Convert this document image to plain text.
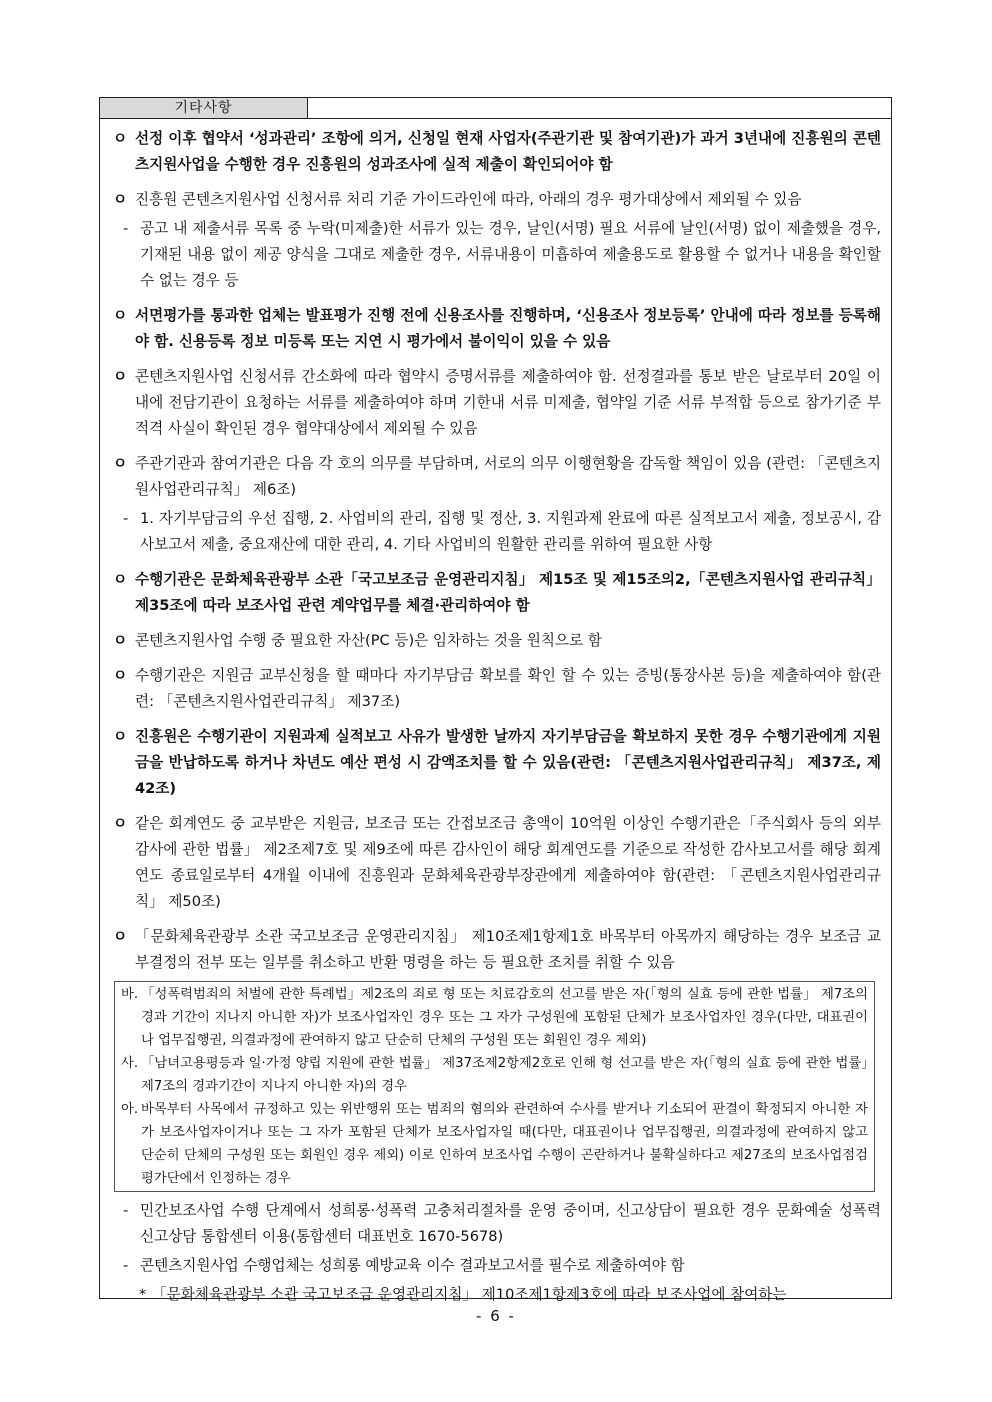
기타사항
ㅇ 선정 이후 협약서 ‘성과관리’ 조항에 의거, 신청일 현재 사업자(주관기관 및 참여기관)가 과거 3년내에 진흥원의 콘텐츠지원사업을 수행한 경우 진흥원의 성과조사에 실적 제출이 확인되어야 함
ㅇ 진흥원 콘텐츠지원사업 신청서류 처리 기준 가이드라인에 따라, 아래의 경우 평가대상에서 제외될 수 있음
- 공고 내 제출서류 목록 중 누락(미제출)한 서류가 있는 경우, 날인(서명) 필요 서류에 날인(서명) 없이 제출했을 경우, 기재된 내용 없이 제공 양식을 그대로 제출한 경우, 서류내용이 미흡하여 제출용도로 활용할 수 없거나 내용을 확인할 수 없는 경우 등
ㅇ 서면평가를 통과한 업체는 발표평가 진행 전에 신용조사를 진행하며, ‘신용조사 정보등록’ 안내에 따라 정보를 등록해야 함. 신용등록 정보 미등록 또는 지연 시 평가에서 불이익이 있을 수 있음
ㅇ 콘텐츠지원사업 신청서류 간소화에 따라 협약시 증명서류를 제출하여야 함. 선정결과를 통보 받은 날로부터 20일 이내에 전담기관이 요청하는 서류를 제출하여야 하며 기한내 서류 미제출, 협약일 기준 서류 부적합 등으로 참가기준 부적격 사실이 확인된 경우 협약대상에서 제외될 수 있음
ㅇ 주관기관과 참여기관은 다음 각 호의 의무를 부담하며, 서로의 의무 이행현황을 감독할 책임이 있음 (관련: 「콘텐츠지원사업관리규칙」 제6조)
- 1. 자기부담금의 우선 집행, 2. 사업비의 관리, 집행 및 정산, 3. 지원과제 완료에 따른 실적보고서 제출, 정보공시, 감사보고서 제출, 중요재산에 대한 관리, 4. 기타 사업비의 원활한 관리를 위하여 필요한 사항
ㅇ 수행기관은 문화체육관광부 소관「국고보조금 운영관리지침」 제15조 및 제15조의2,「콘텐츠지원사업 관리규칙」 제35조에 따라 보조사업 관련 계약업무를 체결·관리하여야 함
ㅇ 콘텐츠지원사업 수행 중 필요한 자산(PC 등)은 임차하는 것을 원칙으로 함
ㅇ 수행기관은 지원금 교부신청을 할 때마다 자기부담금 확보를 확인 할 수 있는 증빙(통장사본 등)을 제출하여야 함(관련: 「콘텐츠지원사업관리규칙」 제37조)
ㅇ 진흥원은 수행기관이 지원과제 실적보고 사유가 발생한 날까지 자기부담금을 확보하지 못한 경우 수행기관에게 지원금을 반납하도록 하거나 차년도 예산 편성 시 감액조치를 할 수 있음(관련: 「콘텐츠지원사업관리규칙」 제37조, 제42조)
ㅇ 같은 회계연도 중 교부받은 지원금, 보조금 또는 간접보조금 총액이 10억원 이상인 수행기관은「주식회사 등의 외부감사에 관한 법률」 제2조제7호 및 제9조에 따른 감사인이 해당 회계연도를 기준으로 작성한 감사보고서를 해당 회계연도 종료일로부터 4개월 이내에 진흥원과 문화체육관광부장관에게 제출하여야 함(관련: 「콘텐츠지원사업관리규칙」 제50조)
ㅇ 「문화체육관광부 소관 국고보조금 운영관리지침」 제10조제1항제1호 바목부터 아목까지 해당하는 경우 보조금 교부결정의 전부 또는 일부를 취소하고 반환 명령을 하는 등 필요한 조치를 취할 수 있음
바. 「성폭력범죄의 처벌에 관한 특례법」제2조의 죄로 형 또는 치료감호의 선고를 받은 자(「형의 실효 등에 관한 법률」 제7조의 경과 기간이 지나지 아니한 자)가 보조사업자인 경우 또는 그 자가 구성원에 포함된 단체가 보조사업자인 경우(다만, 대표권이나 업무집행권, 의결과정에 관여하지 않고 단순히 단체의 구성원 또는 회원인 경우 제외)
사. 「남녀고용평등과 일·가정 양립 지원에 관한 법률」 제37조제2항제2호로 인해 형 선고를 받은 자(「형의 실효 등에 관한 법률」제7조의 경과기간이 지나지 아니한 자)의 경우
아. 바목부터 사목에서 규정하고 있는 위반행위 또는 범죄의 혐의와 관련하여 수사를 받거나 기소되어 판결이 확정되지 아니한 자가 보조사업자이거나 또는 그 자가 포함된 단체가 보조사업자일 때(다만, 대표권이나 업무집행권, 의결과정에 관여하지 않고 단순히 단체의 구성원 또는 회원인 경우 제외) 이로 인하여 보조사업 수행이 곤란하거나 불확실하다고 제27조의 보조사업점검평가단에서 인정하는 경우
- 민간보조사업 수행 단계에서 성희롱·성폭력 고충처리절차를 운영 중이며, 신고상담이 필요한 경우 문화예술 성폭력 신고상담 통합센터 이용(통합센터 대표번호 1670-5678)
- 콘텐츠지원사업 수행업체는 성희롱 예방교육 이수 결과보고서를 필수로 제출하여야 함
* 「문화체육관광부 소관 국고보조금 운영관리지침」 제10조제1항제3호에 따라 보조사업에 참여하는
- 6 -
